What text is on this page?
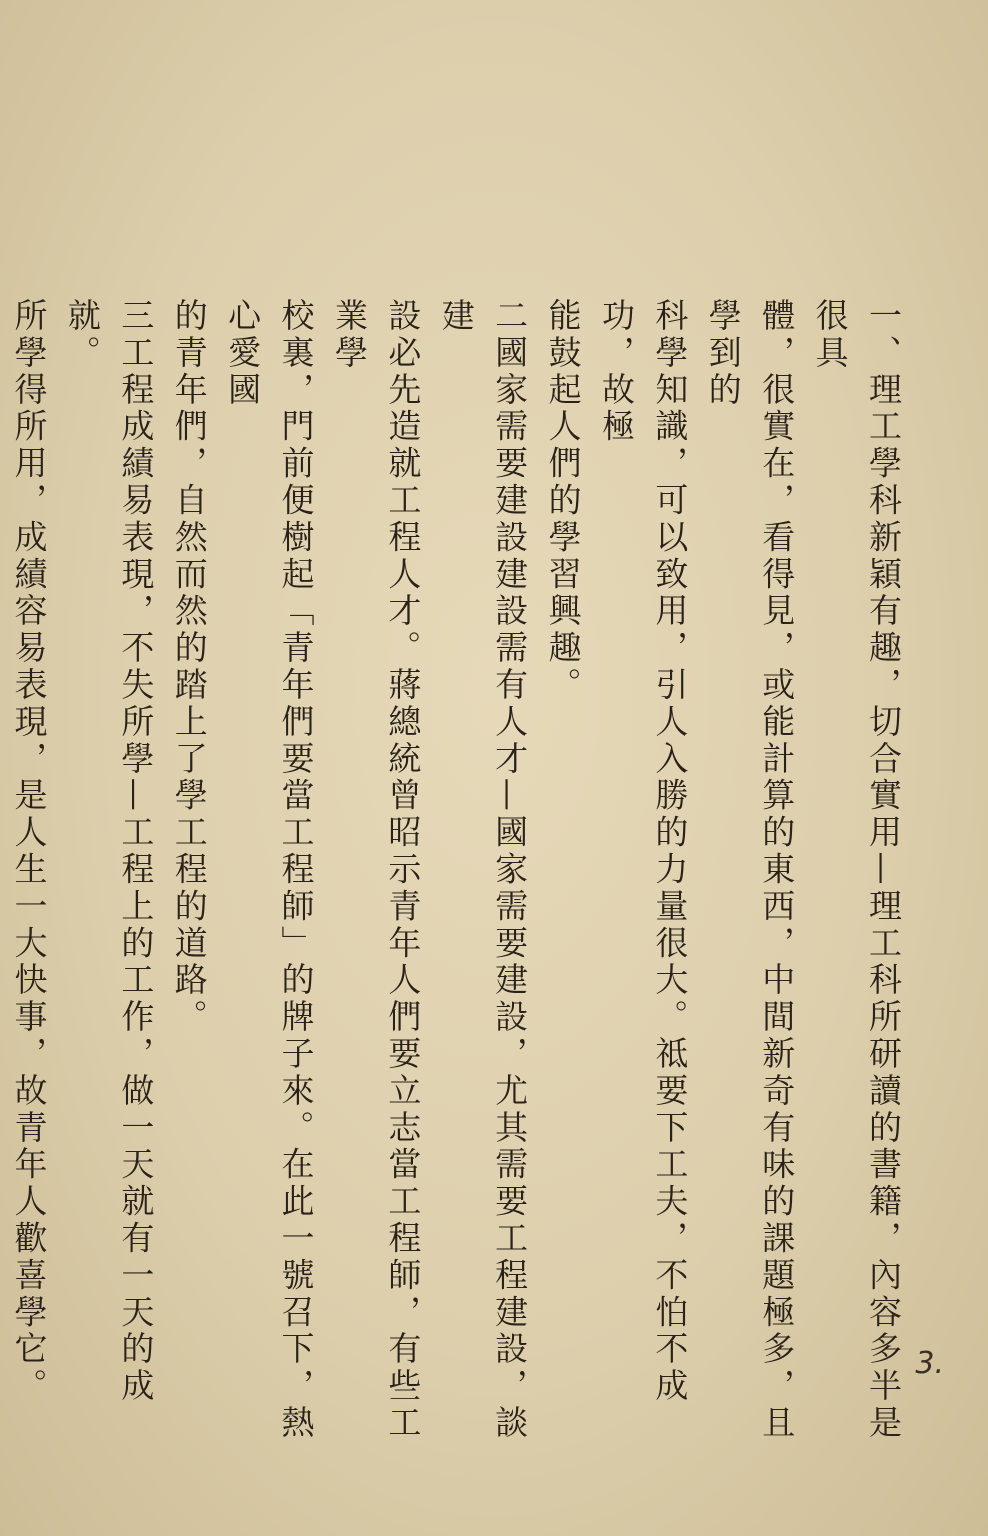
一、理工學科新穎有趣，切合實用—理工科所研讀的書籍，內容多半是很具

體，很實在，看得見，或能計算的東西，中間新奇有味的課題極多，且學到的

科學知識，可以致用，引人入勝的力量很大。祗要下工夫，不怕不成功，故極

能鼓起人們的學習興趣。

二國家需要建設建設需有人才—國家需要建設，尤其需要工程建設，談建

設必先造就工程人才。蔣總統曾昭示青年人們要立志當工程師，有些工業學

校裏，門前便樹起「青年們要當工程師」的牌子來。在此一號召下，熱心愛國

的青年們，自然而然的踏上了學工程的道路。

三工程成績易表現，不失所學—工程上的工作，做一天就有一天的成就。

所學得所用，成績容易表現，是人生一大快事，故青年人歡喜學它。	3.
